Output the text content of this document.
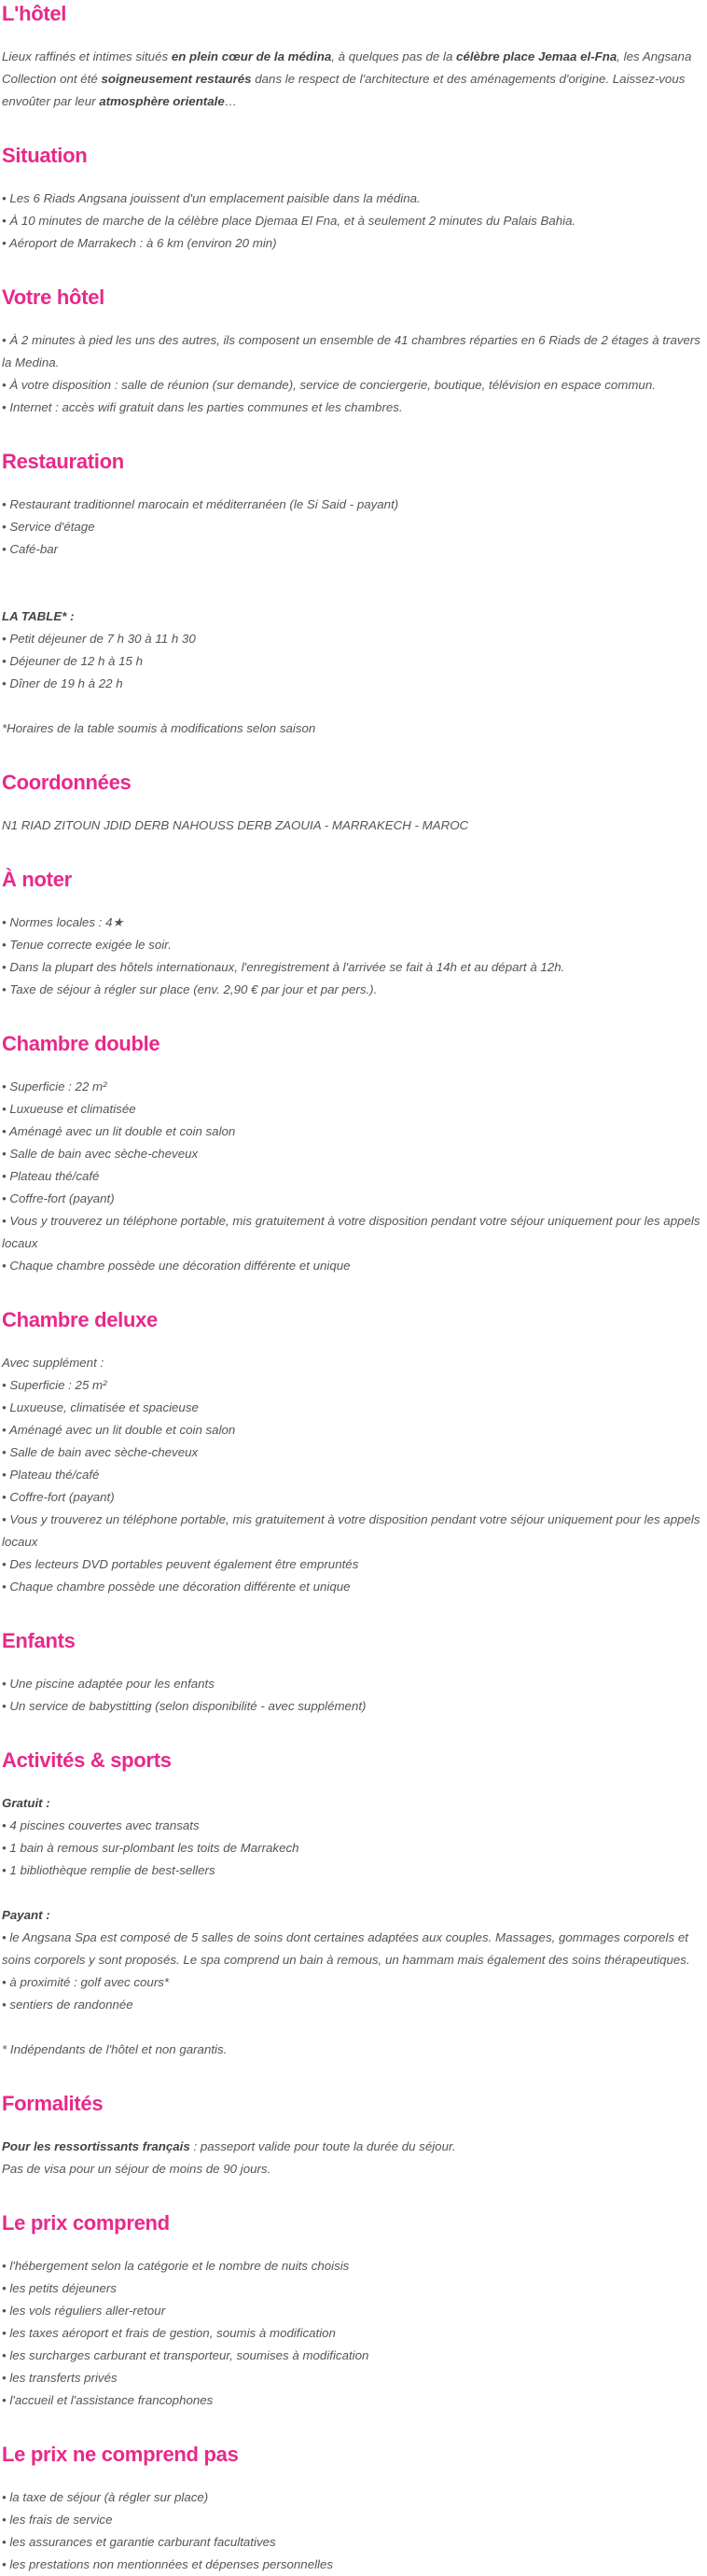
L'hôtel

Lieux raffinés et intimes situés en plein cœur de la médina, à quelques pas de la célèbre place Jemaa el-Fna, les Angsana Collection ont été soigneusement restaurés dans le respect de l'architecture et des aménagements d'origine. Laissez-vous envoûter par leur atmosphère orientale…

Situation
• Les 6 Riads Angsana jouissent d'un emplacement paisible dans la médina.
• À 10 minutes de marche de la célèbre place Djemaa El Fna, et à seulement 2 minutes du Palais Bahia.
• Aéroport de Marrakech : à 6 km (environ 20 min)
Votre hôtel
• À 2 minutes à pied les uns des autres, ils composent un ensemble de 41 chambres réparties en 6 Riads de 2 étages à travers la Medina.
• À votre disposition : salle de réunion (sur demande), service de conciergerie, boutique, télévision en espace commun.
• Internet : accès wifi gratuit dans les parties communes et les chambres.
Restauration
• Restaurant traditionnel marocain et méditerranéen (le Si Said - payant)
• Service d'étage
• Café-bar
LA TABLE* :
• Petit déjeuner de 7 h 30 à 11 h 30
• Déjeuner de 12 h à 15 h
• Dîner de 19 h à 22 h
*Horaires de la table soumis à modifications selon saison
Coordonnées
N1 RIAD ZITOUN JDID DERB NAHOUSS DERB ZAOUIA - MARRAKECH - MAROC
À noter
• Normes locales : 4★
• Tenue correcte exigée le soir.
• Dans la plupart des hôtels internationaux, l'enregistrement à l'arrivée se fait à 14h et au départ à 12h.
• Taxe de séjour à régler sur place (env. 2,90 € par jour et par pers.).
Chambre double
• Superficie : 22 m²
• Luxueuse et climatisée
• Aménagé avec un lit double et coin salon
• Salle de bain avec sèche-cheveux
• Plateau thé/café
• Coffre-fort (payant)
• Vous y trouverez un téléphone portable, mis gratuitement à votre disposition pendant votre séjour uniquement pour les appels locaux
• Chaque chambre possède une décoration différente et unique
Chambre deluxe
Avec supplément :
• Superficie : 25 m²
• Luxueuse, climatisée et spacieuse
• Aménagé avec un lit double et coin salon
• Salle de bain avec sèche-cheveux
• Plateau thé/café
• Coffre-fort (payant)
• Vous y trouverez un téléphone portable, mis gratuitement à votre disposition pendant votre séjour uniquement pour les appels locaux
• Des lecteurs DVD portables peuvent également être empruntés
• Chaque chambre possède une décoration différente et unique
Enfants
• Une piscine adaptée pour les enfants
• Un service de babystitting (selon disponibilité - avec supplément)
Activités & sports
Gratuit :
• 4 piscines couvertes avec transats
• 1 bain à remous sur-plombant les toits de Marrakech
• 1 bibliothèque remplie de best-sellers
Payant :
• le Angsana Spa est composé de 5 salles de soins dont certaines adaptées aux couples. Massages, gommages corporels et soins corporels y sont proposés. Le spa comprend un bain à remous, un hammam mais également des soins thérapeutiques.
• à proximité : golf avec cours*
• sentiers de randonnée
* Indépendants de l'hôtel et non garantis.
Formalités
Pour les ressortissants français : passeport valide pour toute la durée du séjour.
Pas de visa pour un séjour de moins de 90 jours.
Le prix comprend
• l'hébergement selon la catégorie et le nombre de nuits choisis
• les petits déjeuners
• les vols réguliers aller-retour
• les taxes aéroport et frais de gestion, soumis à modification
• les surcharges carburant et transporteur, soumises à modification
• les transferts privés
• l'accueil et l'assistance francophones
Le prix ne comprend pas
• la taxe de séjour (à régler sur place)
• les frais de service
• les assurances et garantie carburant facultatives
• les prestations non mentionnées et dépenses personnelles
